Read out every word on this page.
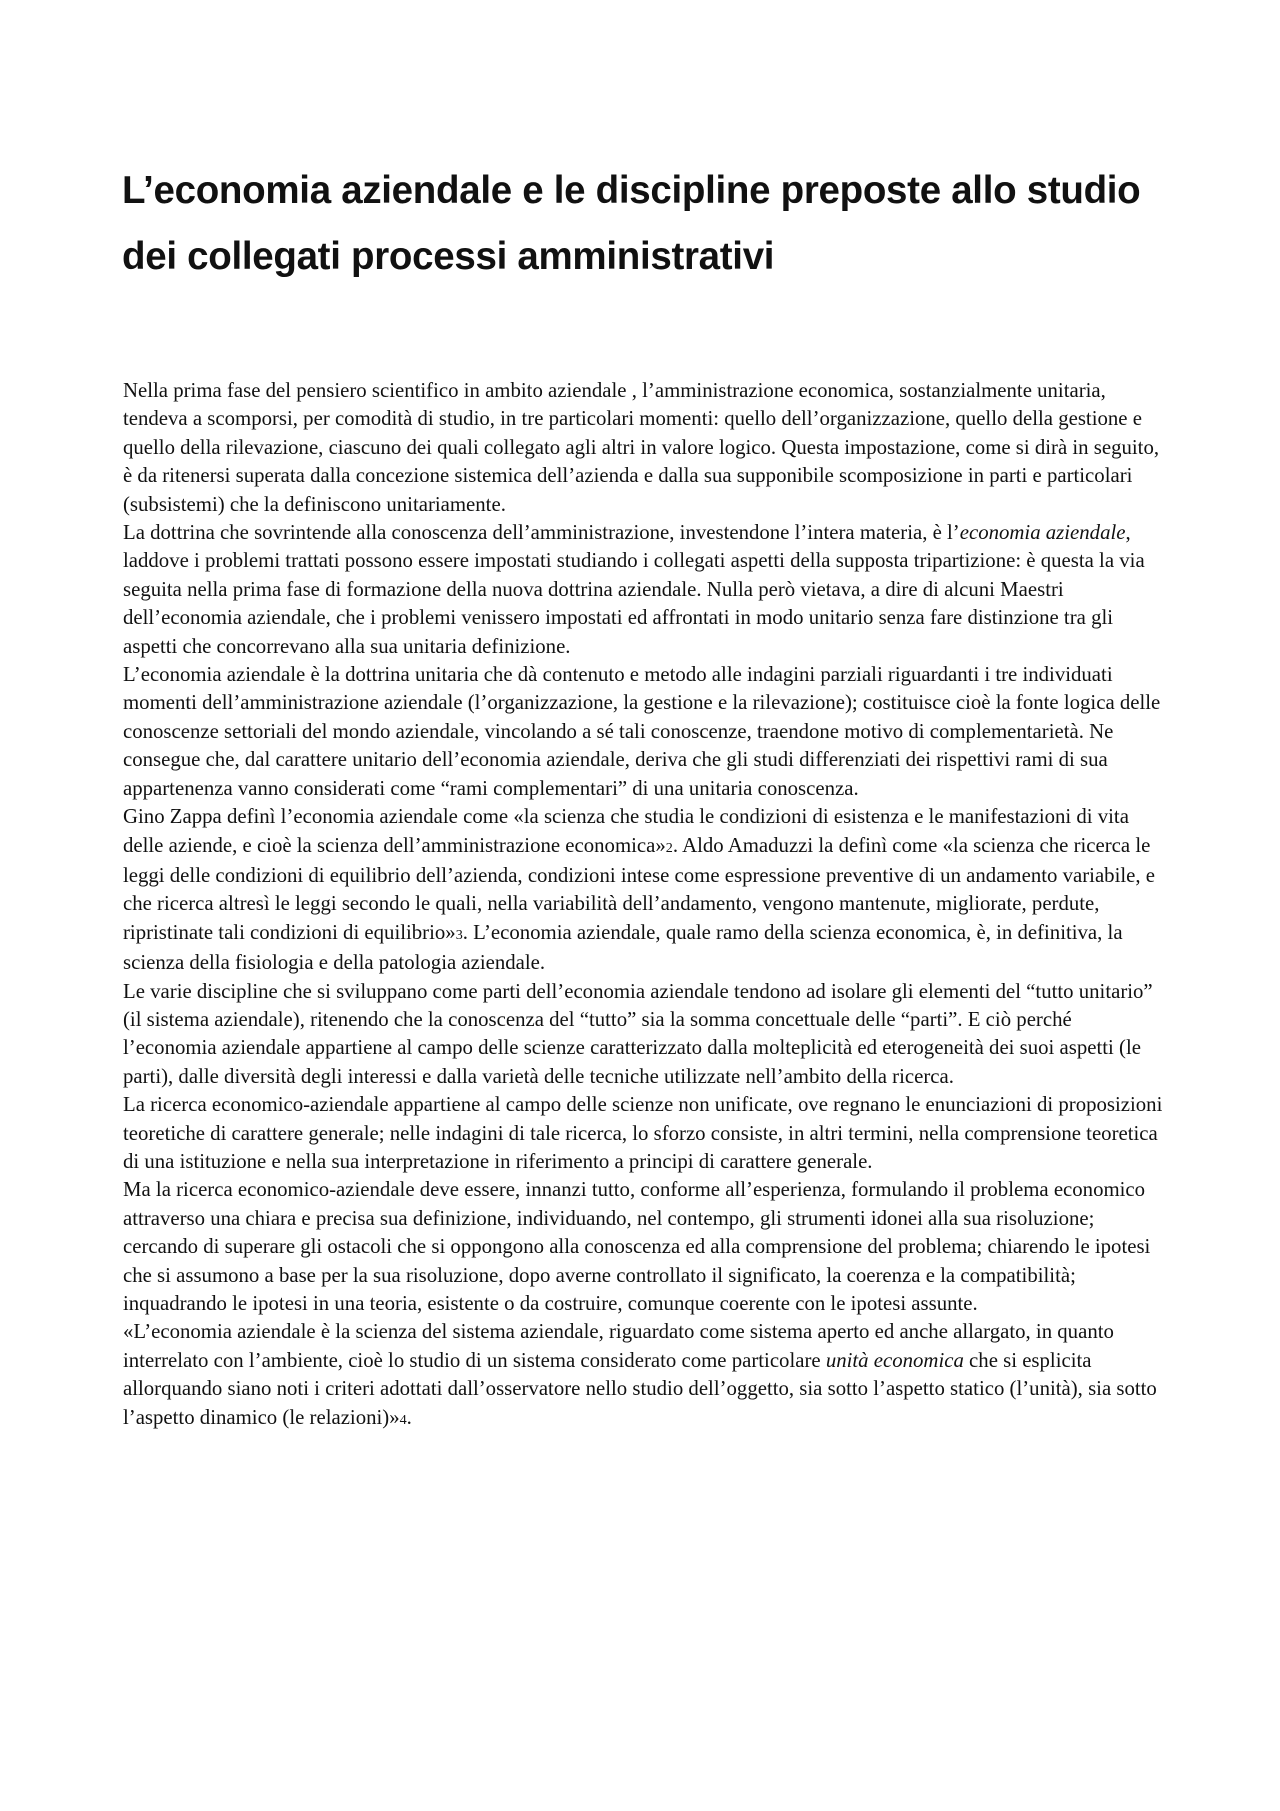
L’economia aziendale e le discipline preposte allo studio dei collegati processi amministrativi

Nella prima fase del pensiero scientifico in ambito aziendale , l’amministrazione economica, sostanzialmente unitaria, tendeva a scomporsi, per comodità di studio, in tre particolari momenti: quello dell’organizzazione, quello della gestione e quello della rilevazione, ciascuno dei quali collegato agli altri in valore logico. Questa impostazione, come si dirà in seguito, è da ritenersi superata dalla concezione sistemica dell’azienda e dalla sua supponibile scomposizione in parti e particolari (subsistemi) che la definiscono unitariamente.

La dottrina che sovrintende alla conoscenza dell’amministrazione, investendone l’intera materia, è l’economia aziendale, laddove i problemi trattati possono essere impostati studiando i collegati aspetti della supposta tripartizione: è questa la via seguita nella prima fase di formazione della nuova dottrina aziendale. Nulla però vietava, a dire di alcuni Maestri dell’economia aziendale, che i problemi venissero impostati ed affrontati in modo unitario senza fare distinzione tra gli aspetti che concorrevano alla sua unitaria definizione.

L’economia aziendale è la dottrina unitaria che dà contenuto e metodo alle indagini parziali riguardanti i tre individuati momenti dell’amministrazione aziendale (l’organizzazione, la gestione e la rilevazione); costituisce cioè la fonte logica delle conoscenze settoriali del mondo aziendale, vincolando a sé tali conoscenze, traendone motivo di complementarietà. Ne consegue che, dal carattere unitario dell’economia aziendale, deriva che gli studi differenziati dei rispettivi rami di sua appartenenza vanno considerati come “rami complementari” di una unitaria conoscenza.

Gino Zappa definì l’economia aziendale come «la scienza che studia le condizioni di esistenza e le manifestazioni di vita delle aziende, e cioè la scienza dell’amministrazione economica»2. Aldo Amaduzzi la definì come «la scienza che ricerca le leggi delle condizioni di equilibrio dell’azienda, condizioni intese come espressione preventive di un andamento variabile, e che ricerca altresì le leggi secondo le quali, nella variabilità dell’andamento, vengono mantenute, migliorate, perdute, ripristinate tali condizioni di equilibrio»3. L’economia aziendale, quale ramo della scienza economica, è, in definitiva, la scienza della fisiologia e della patologia aziendale.

Le varie discipline che si sviluppano come parti dell’economia aziendale tendono ad isolare gli elementi del “tutto unitario” (il sistema aziendale), ritenendo che la conoscenza del “tutto” sia la somma concettuale delle “parti”. E ciò perché l’economia aziendale appartiene al campo delle scienze caratterizzato dalla molteplicità ed eterogeneità dei suoi aspetti (le parti), dalle diversità degli interessi e dalla varietà delle tecniche utilizzate nell’ambito della ricerca.

La ricerca economico-aziendale appartiene al campo delle scienze non unificate, ove regnano le enunciazioni di proposizioni teoretiche di carattere generale; nelle indagini di tale ricerca, lo sforzo consiste, in altri termini, nella comprensione teoretica di una istituzione e nella sua interpretazione in riferimento a principi di carattere generale.

Ma la ricerca economico-aziendale deve essere, innanzi tutto, conforme all’esperienza, formulando il problema economico attraverso una chiara e precisa sua definizione, individuando, nel contempo, gli strumenti idonei alla sua risoluzione; cercando di superare gli ostacoli che si oppongono alla conoscenza ed alla comprensione del problema; chiarendo le ipotesi che si assumono a base per la sua risoluzione, dopo averne controllato il significato, la coerenza e la compatibilità; inquadrando le ipotesi in una teoria, esistente o da costruire, comunque coerente con le ipotesi assunte.

«L’economia aziendale è la scienza del sistema aziendale, riguardato come sistema aperto ed anche allargato, in quanto interrelato con l’ambiente, cioè lo studio di un sistema considerato come particolare unità economica che si esplicita allorquando siano noti i criteri adottati dall’osservatore nello studio dell’oggetto, sia sotto l’aspetto statico (l’unità), sia sotto l’aspetto dinamico (le relazioni)»4.
